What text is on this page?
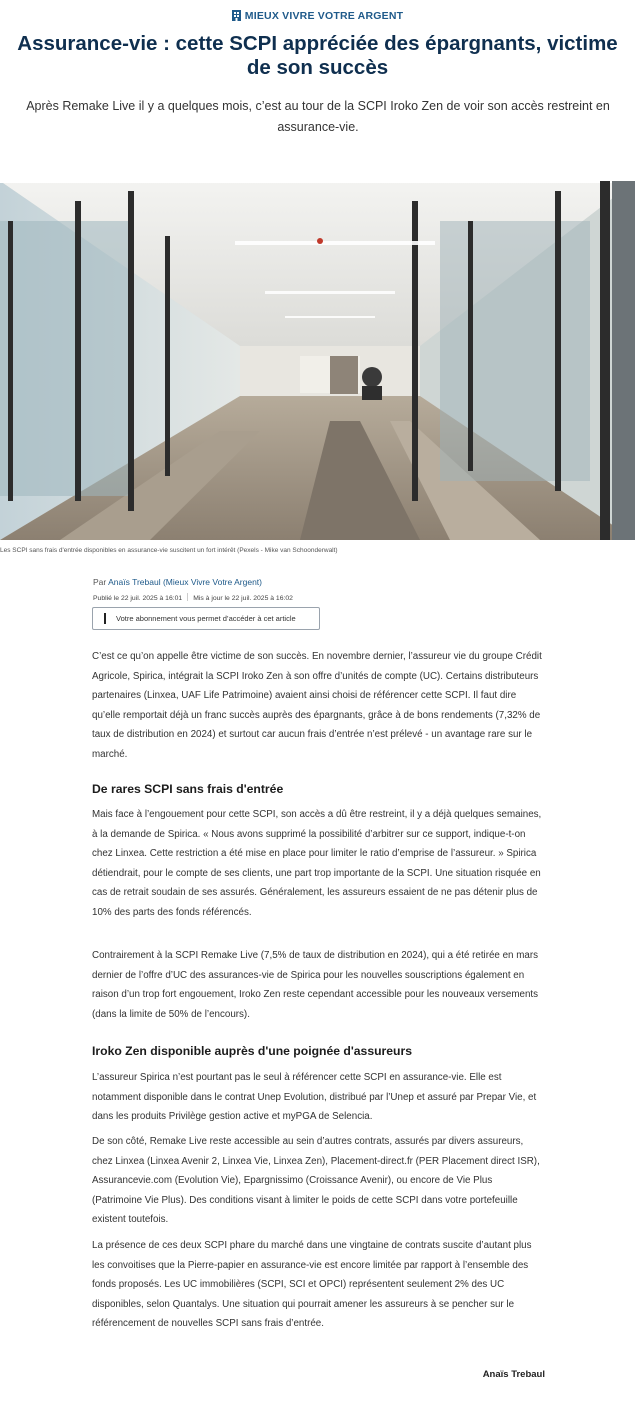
MIEUX VIVRE VOTRE ARGENT
Assurance-vie : cette SCPI appréciée des épargnants, victime de son succès

Après Remake Live il y a quelques mois, c’est au tour de la SCPI Iroko Zen de voir son accès restreint en assurance-vie.

Les SCPI sans frais d'entrée disponibles en assurance-vie suscitent un fort intérêt (Pexels - Mike van Schoonderwalt)

Par Anaïs Trebaul (Mieux Vivre Votre Argent)
Publié le 22 juil. 2025 à 16:01 Mis à jour le 22 juil. 2025 à 16:02
Votre abonnement vous permet d’accéder à cet article

C’est ce qu’on appelle être victime de son succès. En novembre dernier, l’assureur vie du groupe Crédit Agricole, Spirica, intégrait la SCPI Iroko Zen à son offre d’unités de compte (UC). Certains distributeurs partenaires (Linxea, UAF Life Patrimoine) avaient ainsi choisi de référencer cette SCPI. Il faut dire qu’elle remportait déjà un franc succès auprès des épargnants, grâce à de bons rendements (7,32% de taux de distribution en 2024) et surtout car aucun frais d’entrée n’est prélevé - un avantage rare sur le marché.

De rares SCPI sans frais d'entrée

Mais face à l’engouement pour cette SCPI, son accès a dû être restreint, il y a déjà quelques semaines, à la demande de Spirica. « Nous avons supprimé la possibilité d’arbitrer sur ce support, indique-t-on chez Linxea. Cette restriction a été mise en place pour limiter le ratio d’emprise de l’assureur. » Spirica détiendrait, pour le compte de ses clients, une part trop importante de la SCPI. Une situation risquée en cas de retrait soudain de ses assurés. Généralement, les assureurs essaient de ne pas détenir plus de 10% des parts des fonds référencés.

Contrairement à la SCPI Remake Live (7,5% de taux de distribution en 2024), qui a été retirée en mars dernier de l’offre d’UC des assurances-vie de Spirica pour les nouvelles souscriptions également en raison d’un trop fort engouement, Iroko Zen reste cependant accessible pour les nouveaux versements (dans la limite de 50% de l’encours).

Iroko Zen disponible auprès d'une poignée d'assureurs

L’assureur Spirica n’est pourtant pas le seul à référencer cette SCPI en assurance-vie. Elle est notamment disponible dans le contrat Unep Evolution, distribué par l’Unep et assuré par Prepar Vie, et dans les produits Privilège gestion active et myPGA de Selencia.

De son côté, Remake Live reste accessible au sein d’autres contrats, assurés par divers assureurs, chez Linxea (Linxea Avenir 2, Linxea Vie, Linxea Zen), Placement-direct.fr (PER Placement direct ISR), Assurancevie.com (Evolution Vie), Epargnissimo (Croissance Avenir), ou encore de Vie Plus (Patrimoine Vie Plus). Des conditions visant à limiter le poids de cette SCPI dans votre portefeuille existent toutefois.

La présence de ces deux SCPI phare du marché dans une vingtaine de contrats suscite d’autant plus les convoitises que la Pierre-papier en assurance-vie est encore limitée par rapport à l’ensemble des fonds proposés. Les UC immobilières (SCPI, SCI et OPCI) représentent seulement 2% des UC disponibles, selon Quantalys. Une situation qui pourrait amener les assureurs à se pencher sur le référencement de nouvelles SCPI sans frais d’entrée.

Anaïs Trebaul
